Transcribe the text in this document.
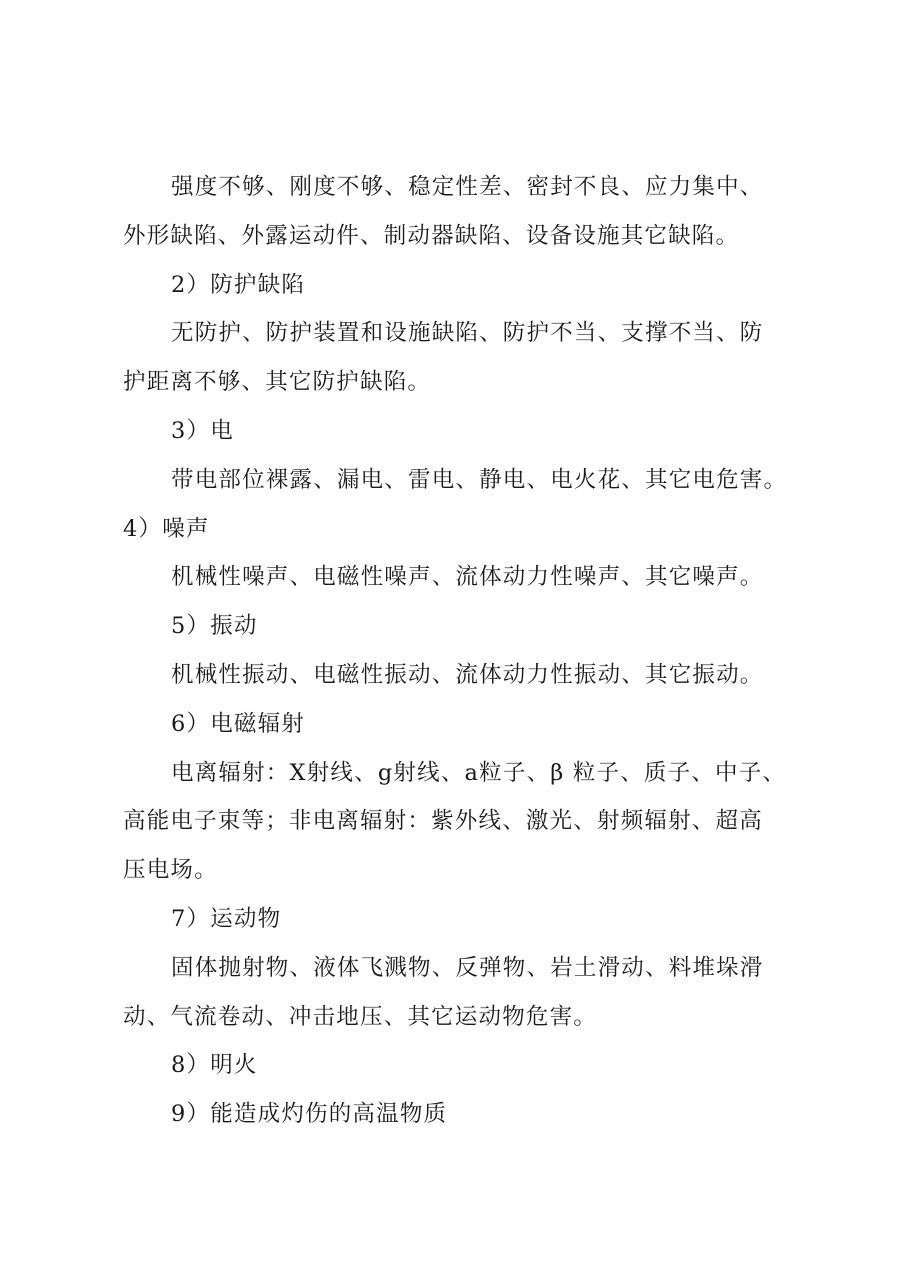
强度不够、刚度不够、稳定性差、密封不良、应力集中、
外形缺陷、外露运动件、制动器缺陷、设备设施其它缺陷。
2）防护缺陷
无防护、防护装置和设施缺陷、防护不当、支撑不当、防
护距离不够、其它防护缺陷。
3）电
带电部位裸露、漏电、雷电、静电、电火花、其它电危害。
4）噪声
机械性噪声、电磁性噪声、流体动力性噪声、其它噪声。
5）振动
机械性振动、电磁性振动、流体动力性振动、其它振动。
6）电磁辐射
电离辐射：X射线、g射线、a粒子、β 粒子、质子、中子、
高能电子束等；非电离辐射：紫外线、激光、射频辐射、超高
压电场。
7）运动物
固体抛射物、液体飞溅物、反弹物、岩土滑动、料堆垛滑
动、气流卷动、冲击地压、其它运动物危害。
8）明火
9）能造成灼伤的高温物质
